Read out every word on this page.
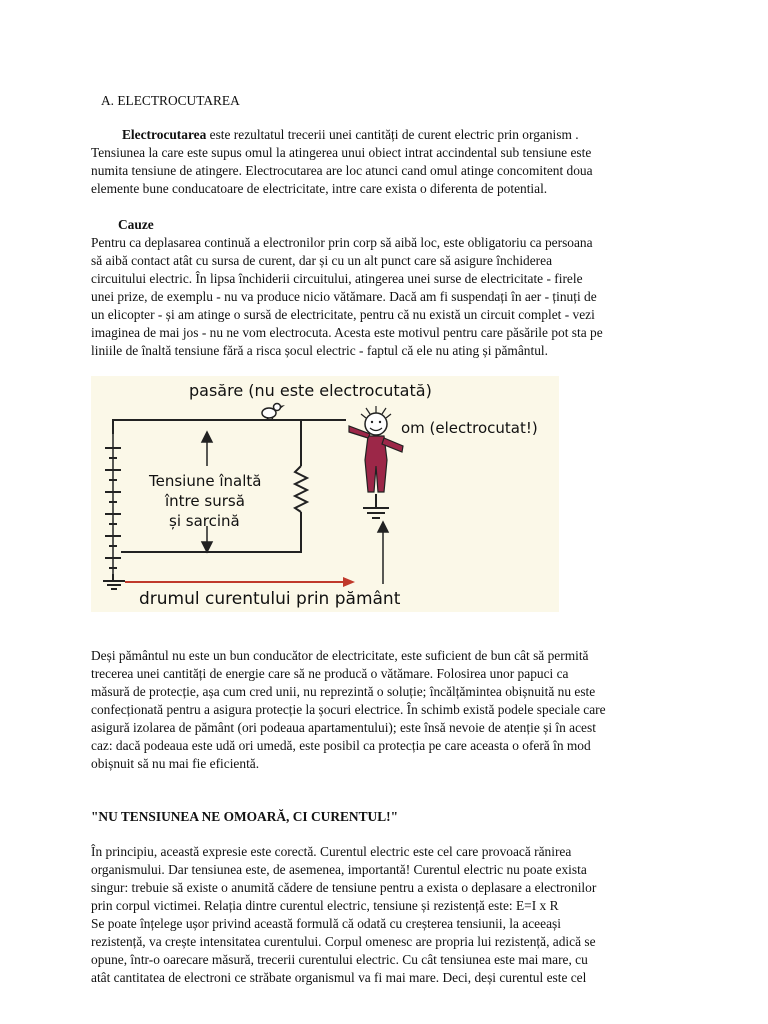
A. ELECTROCUTAREA
Electrocutarea este rezultatul trecerii unei cantități de curent electric prin organism .
Tensiunea la care este supus omul la atingerea unui obiect intrat accindental sub tensiune este
numita tensiune de atingere. Electrocutarea are loc atunci cand omul atinge concomitent doua
elemente bune conducatoare de electricitate, intre care exista o diferenta de potential.
Cauze
Pentru ca deplasarea continuă a electronilor prin corp să aibă loc, este obligatoriu ca persoana
să aibă contact atât cu sursa de curent, dar și cu un alt punct care să asigure închiderea
circuitului electric. În lipsa închiderii circuitului, atingerea unei surse de electricitate - firele
unei prize, de exemplu - nu va produce nicio vătămare. Dacă am fi suspendați în aer - ținuți de
un elicopter - și am atinge o sursă de electricitate, pentru că nu există un circuit complet - vezi
imaginea de mai jos - nu ne vom electrocuta. Acesta este motivul pentru care păsările pot sta pe
liniile de înaltă tensiune fără a risca șocul electric - faptul că ele nu ating și pământul.
pasăre (nu este electrocutată)
om (electrocutat!)
Tensiune înaltă
între sursă
și sarcină
drumul curentului prin pământ
Deși pământul nu este un bun conducător de electricitate, este suficient de bun cât să permită
trecerea unei cantități de energie care să ne producă o vătămare. Folosirea unor papuci ca
măsură de protecție, așa cum cred unii, nu reprezintă o soluție; încălțămintea obișnuită nu este
confecționată pentru a asigura protecție la șocuri electrice. În schimb există podele speciale care
asigură izolarea de pământ (ori podeaua apartamentului); este însă nevoie de atenție și în acest
caz: dacă podeaua este udă ori umedă, este posibil ca protecția pe care aceasta o oferă în mod
obișnuit să nu mai fie eficientă.
"NU TENSIUNEA NE OMOARĂ, CI CURENTUL!"
În principiu, această expresie este corectă. Curentul electric este cel care provoacă rănirea
organismului. Dar tensiunea este, de asemenea, importantă! Curentul electric nu poate exista
singur: trebuie să existe o anumită cădere de tensiune pentru a exista o deplasare a electronilor
prin corpul victimei. Relația dintre curentul electric, tensiune și rezistență este: E=I x R
Se poate înțelege ușor privind această formulă că odată cu creșterea tensiunii, la aceeași
rezistență, va crește intensitatea curentului. Corpul omenesc are propria lui rezistență, adică se
opune, într-o oarecare măsură, trecerii curentului electric. Cu cât tensiunea este mai mare, cu
atât cantitatea de electroni ce străbate organismul va fi mai mare. Deci, deși curentul este cel
